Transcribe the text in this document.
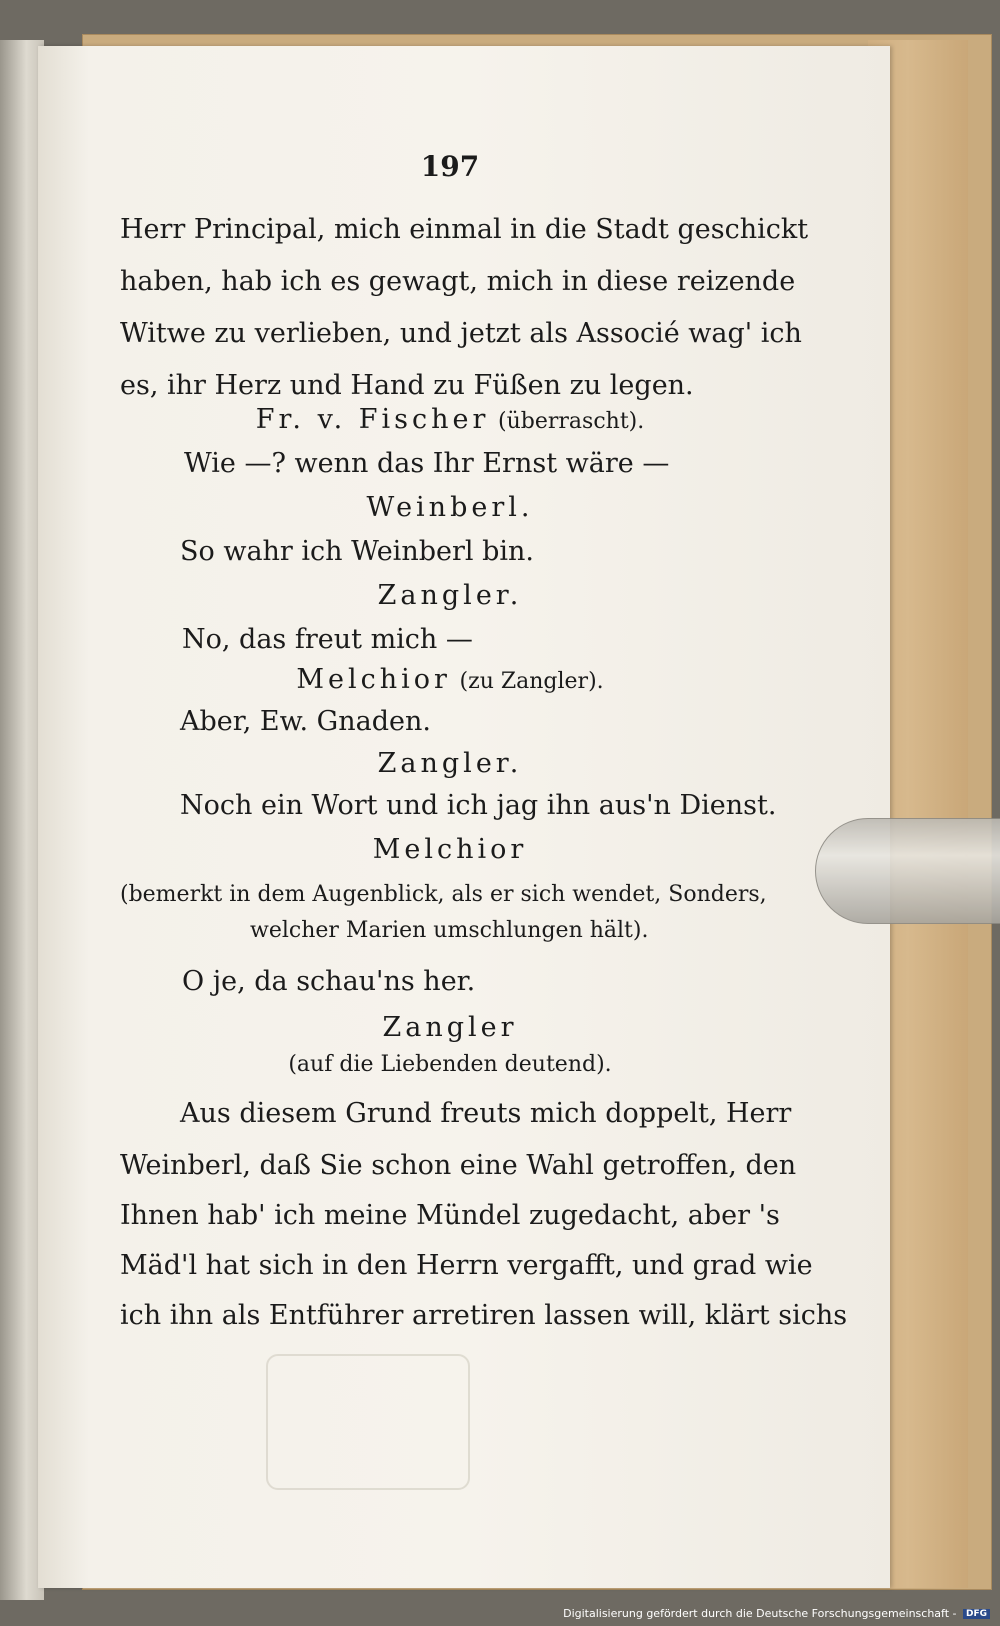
197
Herr Principal, mich einmal in die Stadt geschickt
haben, hab ich es gewagt, mich in diese reizende
Witwe zu verlieben, und jetzt als Associé wag' ich
es, ihr Herz und Hand zu Füßen zu legen.
Fr. v. Fischer (überrascht).
Wie —? wenn das Ihr Ernst wäre —
Weinberl.
So wahr ich Weinberl bin.
Zangler.
No, das freut mich —
Melchior (zu Zangler).
Aber, Ew. Gnaden.
Zangler.
Noch ein Wort und ich jag ihn aus'n Dienst.
Melchior
(bemerkt in dem Augenblick, als er sich wendet, Sonders,
welcher Marien umschlungen hält).
O je, da schau'ns her.
Zangler
(auf die Liebenden deutend).
Aus diesem Grund freuts mich doppelt, Herr
Weinberl, daß Sie schon eine Wahl getroffen, den
Ihnen hab' ich meine Mündel zugedacht, aber 's
Mäd'l hat sich in den Herrn vergafft, und grad wie
ich ihn als Entführer arretiren lassen will, klärt sichs
Digitalisierung gefördert durch die Deutsche Forschungsgemeinschaft - DFG
